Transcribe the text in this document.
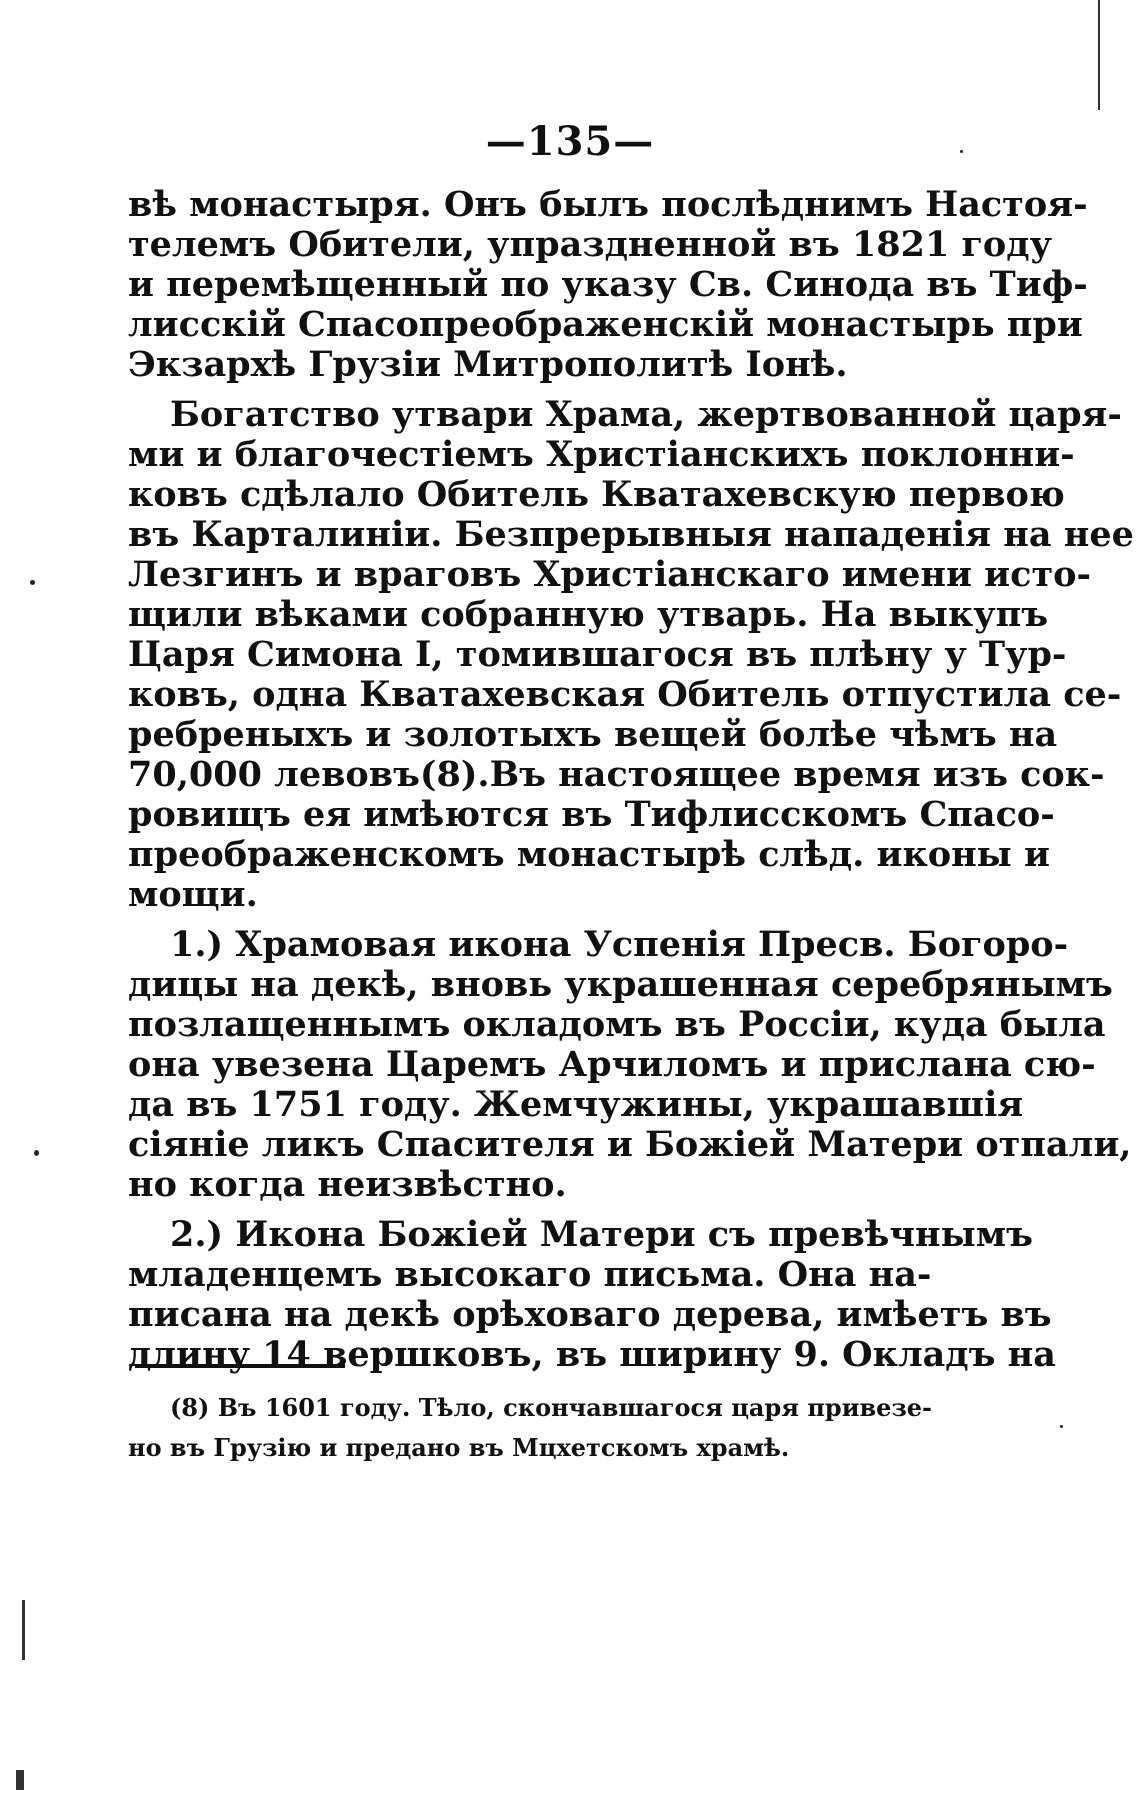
—135—
вѣ монастыря. Онъ былъ послѣднимъ Настоя-
телемъ Обители, упраздненной въ 1821 году
и перемѣщенный по указу Св. Синода въ Тиф-
лисскій Спасопреображенскій монастырь при
Экзархѣ Грузіи Митрополитѣ Іонѣ.
Богатство утвари Храма, жертвованной царя-
ми и благочестіемъ Христіанскихъ поклонни-
ковъ сдѣлало Обитель Кватахевскую первою
въ Карталиніи. Безпрерывныя нападенія на нее
Лезгинъ и враговъ Христіанскаго имени исто-
щили вѣками собранную утварь. На выкупъ
Царя Симона I, томившагося въ плѣну у Тур-
ковъ, одна Кватахевская Обитель отпустила се-
ребреныхъ и золотыхъ вещей болѣе чѣмъ на
70,000 левовъ(8).Въ настоящее время изъ сок-
ровищъ ея имѣются въ Тифлисскомъ Спасо-
преображенскомъ монастырѣ слѣд. иконы и
мощи.
1.) Храмовая икона Успенія Пресв. Богоро-
дицы на декѣ, вновь украшенная серебрянымъ
позлащеннымъ окладомъ въ Россіи, куда была
она увезена Царемъ Арчиломъ и прислана сю-
да въ 1751 году. Жемчужины, украшавшія
сіяніе ликъ Спасителя и Божіей Матери отпали,
но когда неизвѣстно.
2.) Икона Божіей Матери съ превѣчнымъ
младенцемъ высокаго письма. Она на-
писана на декѣ орѣховаго дерева, имѣетъ въ
длину 14 вершковъ, въ ширину 9. Окладъ на
(8) Въ 1601 году. Тѣло, скончавшагося царя привезе-
но въ Грузію и предано въ Мцхетскомъ храмѣ.
